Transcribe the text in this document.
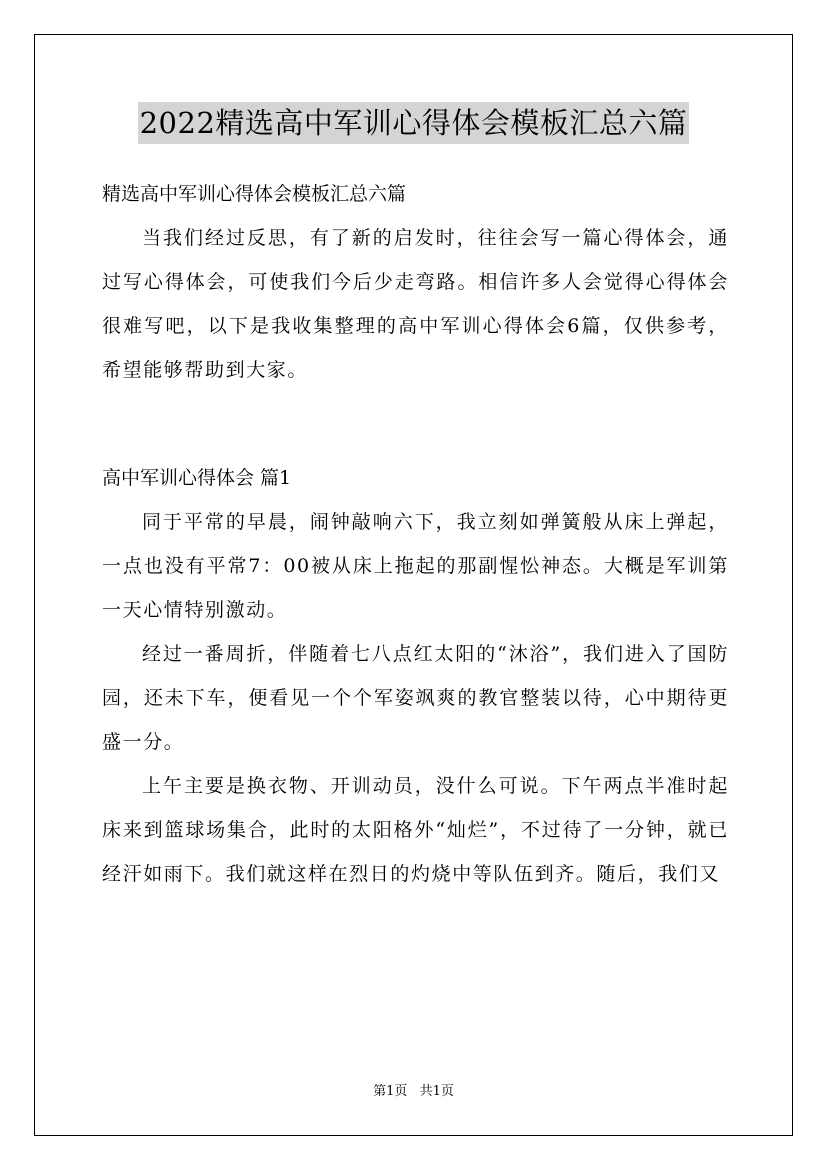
2022精选高中军训心得体会模板汇总六篇

精选高中军训心得体会模板汇总六篇

当我们经过反思，有了新的启发时，往往会写一篇心得体会，通过写心得体会，可使我们今后少走弯路。相信许多人会觉得心得体会很难写吧，以下是我收集整理的高中军训心得体会6篇，仅供参考，希望能够帮助到大家。

高中军训心得体会 篇1

同于平常的早晨，闹钟敲响六下，我立刻如弹簧般从床上弹起，一点也没有平常7：00被从床上拖起的那副惺忪神态。大概是军训第一天心情特别激动。

经过一番周折，伴随着七八点红太阳的“沐浴”，我们进入了国防园，还未下车，便看见一个个军姿飒爽的教官整装以待，心中期待更盛一分。

上午主要是换衣物、开训动员，没什么可说。下午两点半准时起床来到篮球场集合，此时的太阳格外“灿烂”，不过待了一分钟，就已经汗如雨下。我们就这样在烈日的灼烧中等队伍到齐。随后，我们又

第1页 共1页
